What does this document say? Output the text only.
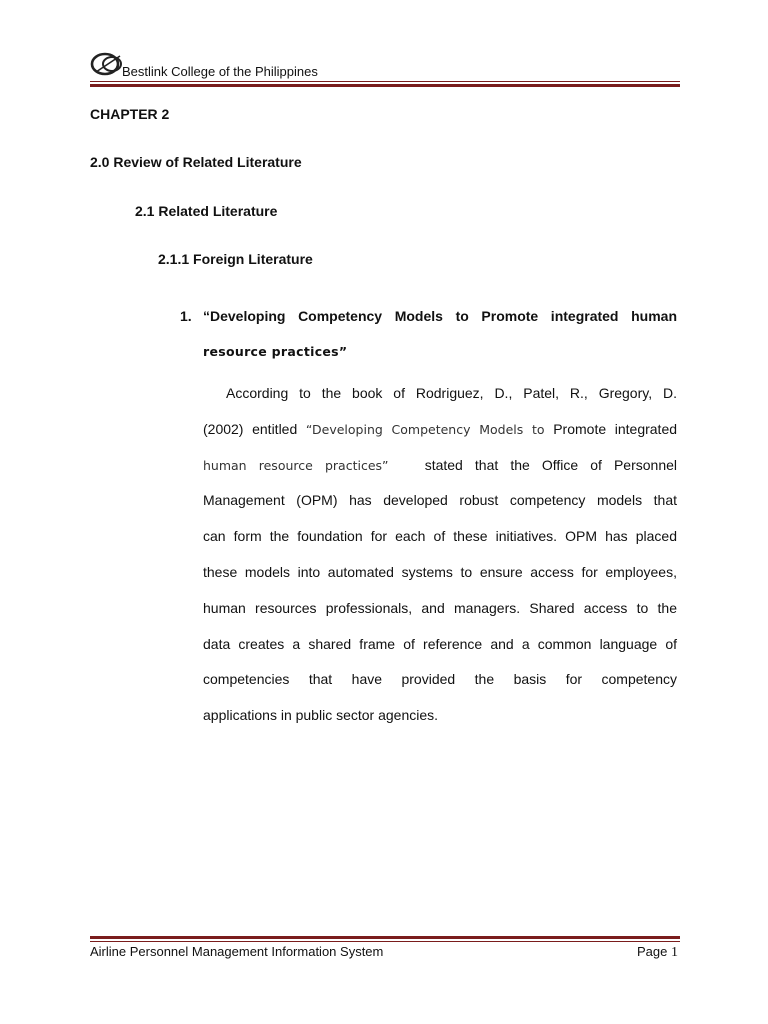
Bestlink College of the Philippines
CHAPTER 2
2.0 Review of Related Literature
2.1 Related Literature
2.1.1 Foreign Literature
1. “Developing Competency Models to Promote integrated human
resource practices”
According to the book of Rodriguez, D., Patel, R., Gregory, D.
(2002) entitled “Developing Competency Models to Promote integrated
human resource practices”	stated that the Office of Personnel
Management (OPM) has developed robust competency models that
can form the foundation for each of these initiatives. OPM has placed
these models into automated systems to ensure access for employees,
human resources professionals, and managers. Shared access to the
data creates a shared frame of reference and a common language of
competencies that have provided the basis for competency
applications in public sector agencies.
Airline Personnel Management Information System	Page 1
